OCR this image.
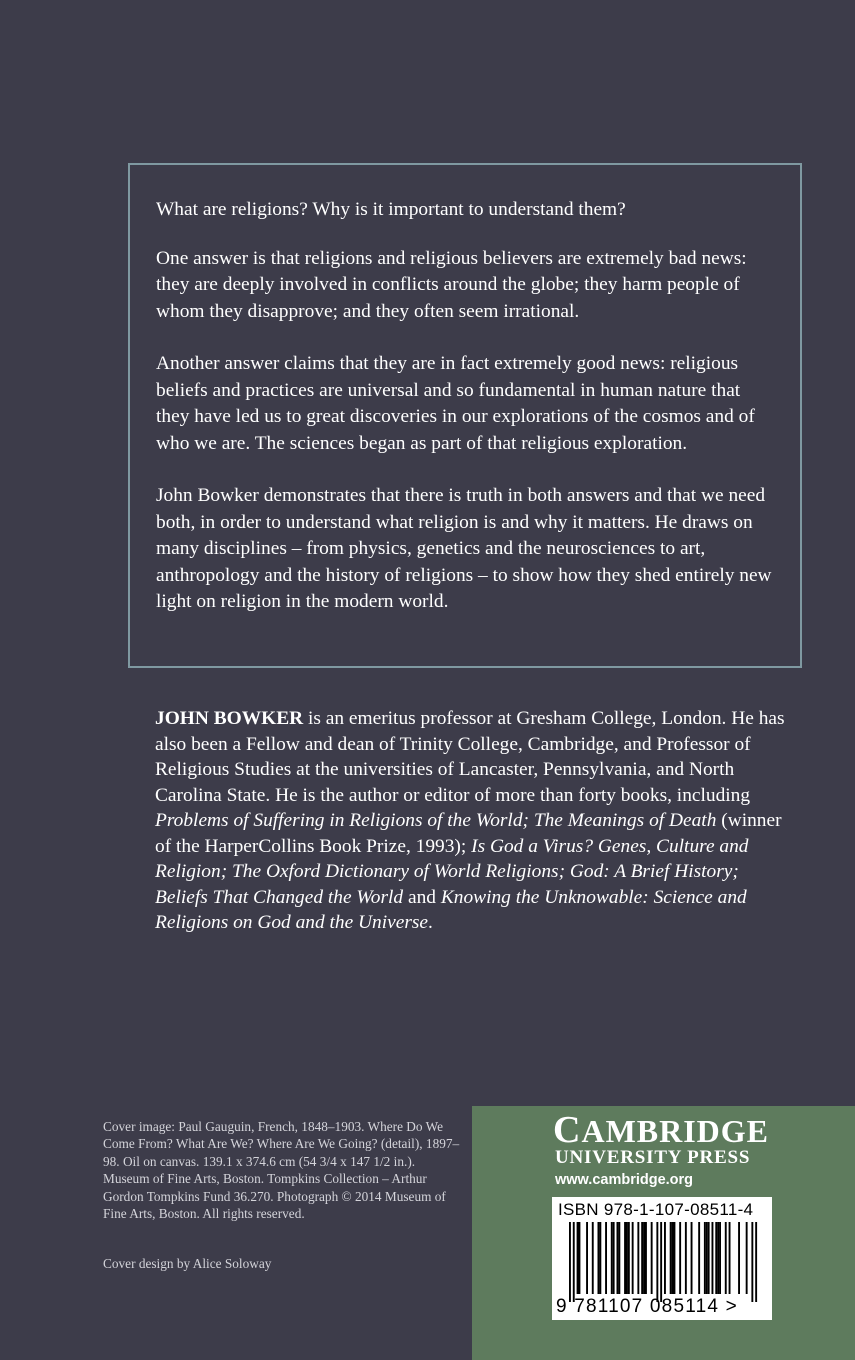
What are religions? Why is it important to understand them?

One answer is that religions and religious believers are extremely bad news: they are deeply involved in conflicts around the globe; they harm people of whom they disapprove; and they often seem irrational.

Another answer claims that they are in fact extremely good news: religious beliefs and practices are universal and so fundamental in human nature that they have led us to great discoveries in our explorations of the cosmos and of who we are. The sciences began as part of that religious exploration.

John Bowker demonstrates that there is truth in both answers and that we need both, in order to understand what religion is and why it matters. He draws on many disciplines – from physics, genetics and the neurosciences to art, anthropology and the history of religions – to show how they shed entirely new light on religion in the modern world.

JOHN BOWKER is an emeritus professor at Gresham College, London. He has also been a Fellow and dean of Trinity College, Cambridge, and Professor of Religious Studies at the universities of Lancaster, Pennsylvania, and North Carolina State. He is the author or editor of more than forty books, including Problems of Suffering in Religions of the World; The Meanings of Death (winner of the HarperCollins Book Prize, 1993); Is God a Virus? Genes, Culture and Religion; The Oxford Dictionary of World Religions; God: A Brief History; Beliefs That Changed the World and Knowing the Unknowable: Science and Religions on God and the Universe.

Cover image: Paul Gauguin, French, 1848–1903. Where Do We Come From? What Are We? Where Are We Going? (detail), 1897–98. Oil on canvas. 139.1 x 374.6 cm (54 3/4 x 147 1/2 in.). Museum of Fine Arts, Boston. Tompkins Collection – Arthur Gordon Tompkins Fund 36.270. Photograph © 2014 Museum of Fine Arts, Boston. All rights reserved.

Cover design by Alice Soloway

CAMBRIDGE
UNIVERSITY PRESS
www.cambridge.org
ISBN 978-1-107-08511-4
9 781107 085114 >
